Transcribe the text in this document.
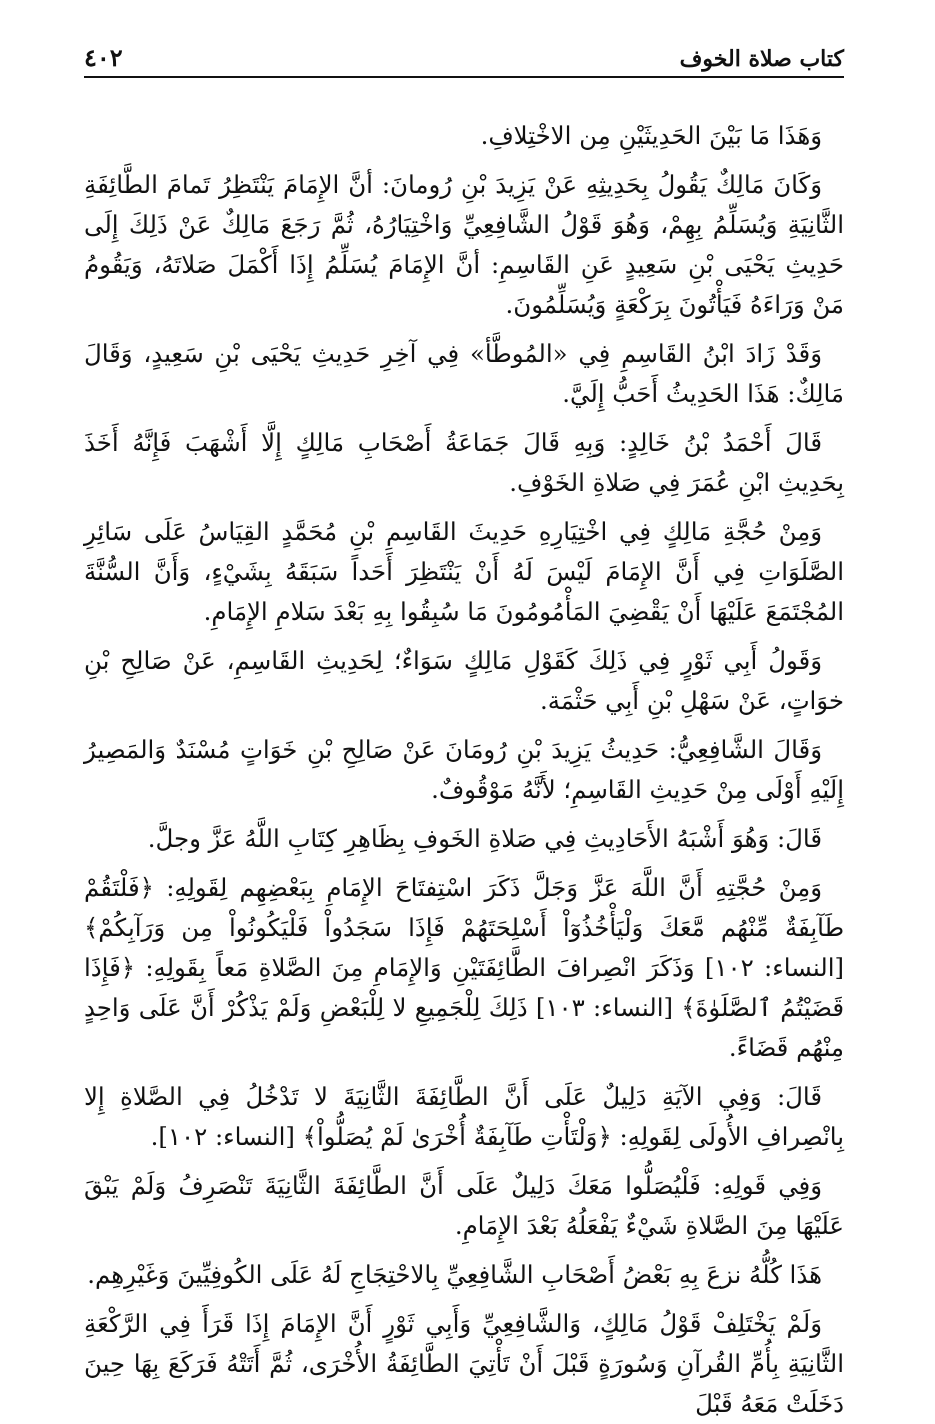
كتاب صلاة الخوف
٤٠٢

وَهَذَا مَا بَيْنَ الحَدِيثَيْنِ مِن الاخْتِلافِ.

وَكَانَ مَالِكٌ يَقُولُ بِحَدِيثِهِ عَنْ يَزِيدَ بْنِ رُومانَ: أنَّ الإِمَامَ يَنْتَظِرُ تَمامَ الطَّائِفَةِ الثَّانِيَةِ وَيُسَلِّمُ بِهِمْ، وَهُوَ قَوْلُ الشَّافِعِيِّ وَاخْتِيَارُهُ، ثُمَّ رَجَعَ مَالِكٌ عَنْ ذَلِكَ إِلَى حَدِيثِ يَحْيَى بْنِ سَعِيدٍ عَنِ القَاسِمِ: أنَّ الإِمَامَ يُسَلِّمُ إِذَا أَكْمَلَ صَلاتَهُ، وَيَقُومُ مَنْ وَرَاءَهُ فَيَأْتُونَ بِرَكْعَةٍ وَيُسَلِّمُونَ.

وَقَدْ زَادَ ابْنُ القَاسِمِ فِي «المُوطَّأ» فِي آخِرِ حَدِيثِ يَحْيَى بْنِ سَعِيدٍ، وَقَالَ مَالِكٌ: هَذَا الحَدِيثُ أَحَبُّ إِلَيَّ.

قَالَ أَحْمَدُ بْنُ خَالِدٍ: وَبِهِ قَالَ جَمَاعَةُ أَصْحَابِ مَالِكٍ إِلَّا أَشْهَبَ فَإِنَّهُ أَخَذَ بِحَدِيثِ ابْنِ عُمَرَ فِي صَلاةِ الخَوْفِ.

وَمِنْ حُجَّةِ مَالِكٍ فِي اخْتِيَارِهِ حَدِيثَ القَاسِمِ بْنِ مُحَمَّدٍ القِيَاسُ عَلَى سَائِرِ الصَّلَوَاتِ فِي أَنَّ الإِمَامَ لَيْسَ لَهُ أَنْ يَنْتَظِرَ أَحَداً سَبَقَهُ بِشَيْءٍ، وَأَنَّ السُّنَّةَ المُجْتَمَعَ عَلَيْهَا أَنْ يَقْضِيَ المَأْمُومُونَ مَا سُبِقُوا بِهِ بَعْدَ سَلامِ الإِمَامِ.

وَقَولُ أَبِي ثَوْرٍ فِي ذَلِكَ كَقَوْلِ مَالِكٍ سَوَاءٌ؛ لِحَدِيثِ القَاسِمِ، عَنْ صَالِحِ بْنِ خوَاتٍ، عَنْ سَهْلِ بْنِ أَبِي حَثْمَة.

وَقَالَ الشَّافِعِيُّ: حَدِيثُ يَزِيدَ بْنِ رُومَانَ عَنْ صَالِحِ بْنِ خَوَاتٍ مُسْنَدٌ وَالمَصِيرُ إِلَيْهِ أَوْلَى مِنْ حَدِيثِ القَاسِمِ؛ لأَنَّهُ مَوْقُوفٌ.

قَالَ: وَهُوَ أَشْبَهُ الأَحَادِيثِ فِي صَلاةِ الخَوفِ بِظَاهِرِ كِتَابِ اللَّهُ عَزَّ وجلَّ.

وَمِنْ حُجَّتِهِ أَنَّ اللَّهَ عَزَّ وَجَلَّ ذَكَرَ اسْتِفتَاحَ الإِمَامِ بِبَعْضِهِم لِقَولِهِ: ﴿فَلْتَقُمْ طَآبِفَةٌ مِّنْهُم مَّعَكَ وَلْيَأْخُذُوٓاْ أَسْلِحَتَهُمْ فَإِذَا سَجَدُواْ فَلْيَكُونُواْ مِن وَرَآبِكُمْ﴾ [النساء: ١٠٢] وَذَكَرَ انْصِرافَ الطَّائِفَتَيْنِ وَالإِمَامِ مِنَ الصَّلاةِ مَعاً بِقَولِهِ: ﴿فَإِذَا قَضَيْتُمُ ٱلصَّلَوٰةَ﴾ [النساء: ١٠٣] ذَلِكَ لِلْجَمِيعِ لا لِلْبَعْضِ وَلَمْ يَذْكُرْ أَنَّ عَلَى وَاحِدٍ مِنْهُم قَضَاءً.

قَالَ: وَفِي الآيَةِ دَلِيلٌ عَلَى أَنَّ الطَّائِفَةَ الثَّانِيَةَ لا تَدْخُلُ فِي الصَّلاةِ إِلا بِانْصِرافِ الأُولَى لِقَولِهِ: ﴿وَلْتَأْتِ طَآبِفَةٌ أُخْرَىٰ لَمْ يُصَلُّواْ﴾ [النساء: ١٠٢].

وَفِي قَولِهِ: فَلْيُصَلُّوا مَعَكَ دَلِيلٌ عَلَى أَنَّ الطَّائِفَةَ الثَّانِيَةَ تَنْصَرِفُ وَلَمْ يَبْقَ عَلَيْهَا مِنَ الصَّلاةِ شَيْءٌ يَفْعَلُهُ بَعْدَ الإِمَامِ.

هَذَا كُلُّهُ نزعَ بِهِ بَعْضُ أَصْحَابِ الشَّافِعِيِّ بِالاحْتِجَاجِ لَهُ عَلَى الكُوفِيِّينَ وَغَيْرِهِم.

وَلَمْ يَخْتَلِفْ قَوْلُ مَالِكٍ، وَالشَّافِعِيِّ وَأَبِي ثَوْرٍ أَنَّ الإِمَامَ إِذَا قَرَأَ فِي الرَّكْعَةِ الثَّانِيَةِ بِأُمِّ القُرآنِ وَسُورَةٍ قَبْلَ أَنْ تَأْتِيَ الطَّائِفَةُ الأُخْرَى، ثُمَّ أَتَتْهُ فَرَكَعَ بِهَا حِينَ دَخَلَتْ مَعَهُ قَبْلَ
